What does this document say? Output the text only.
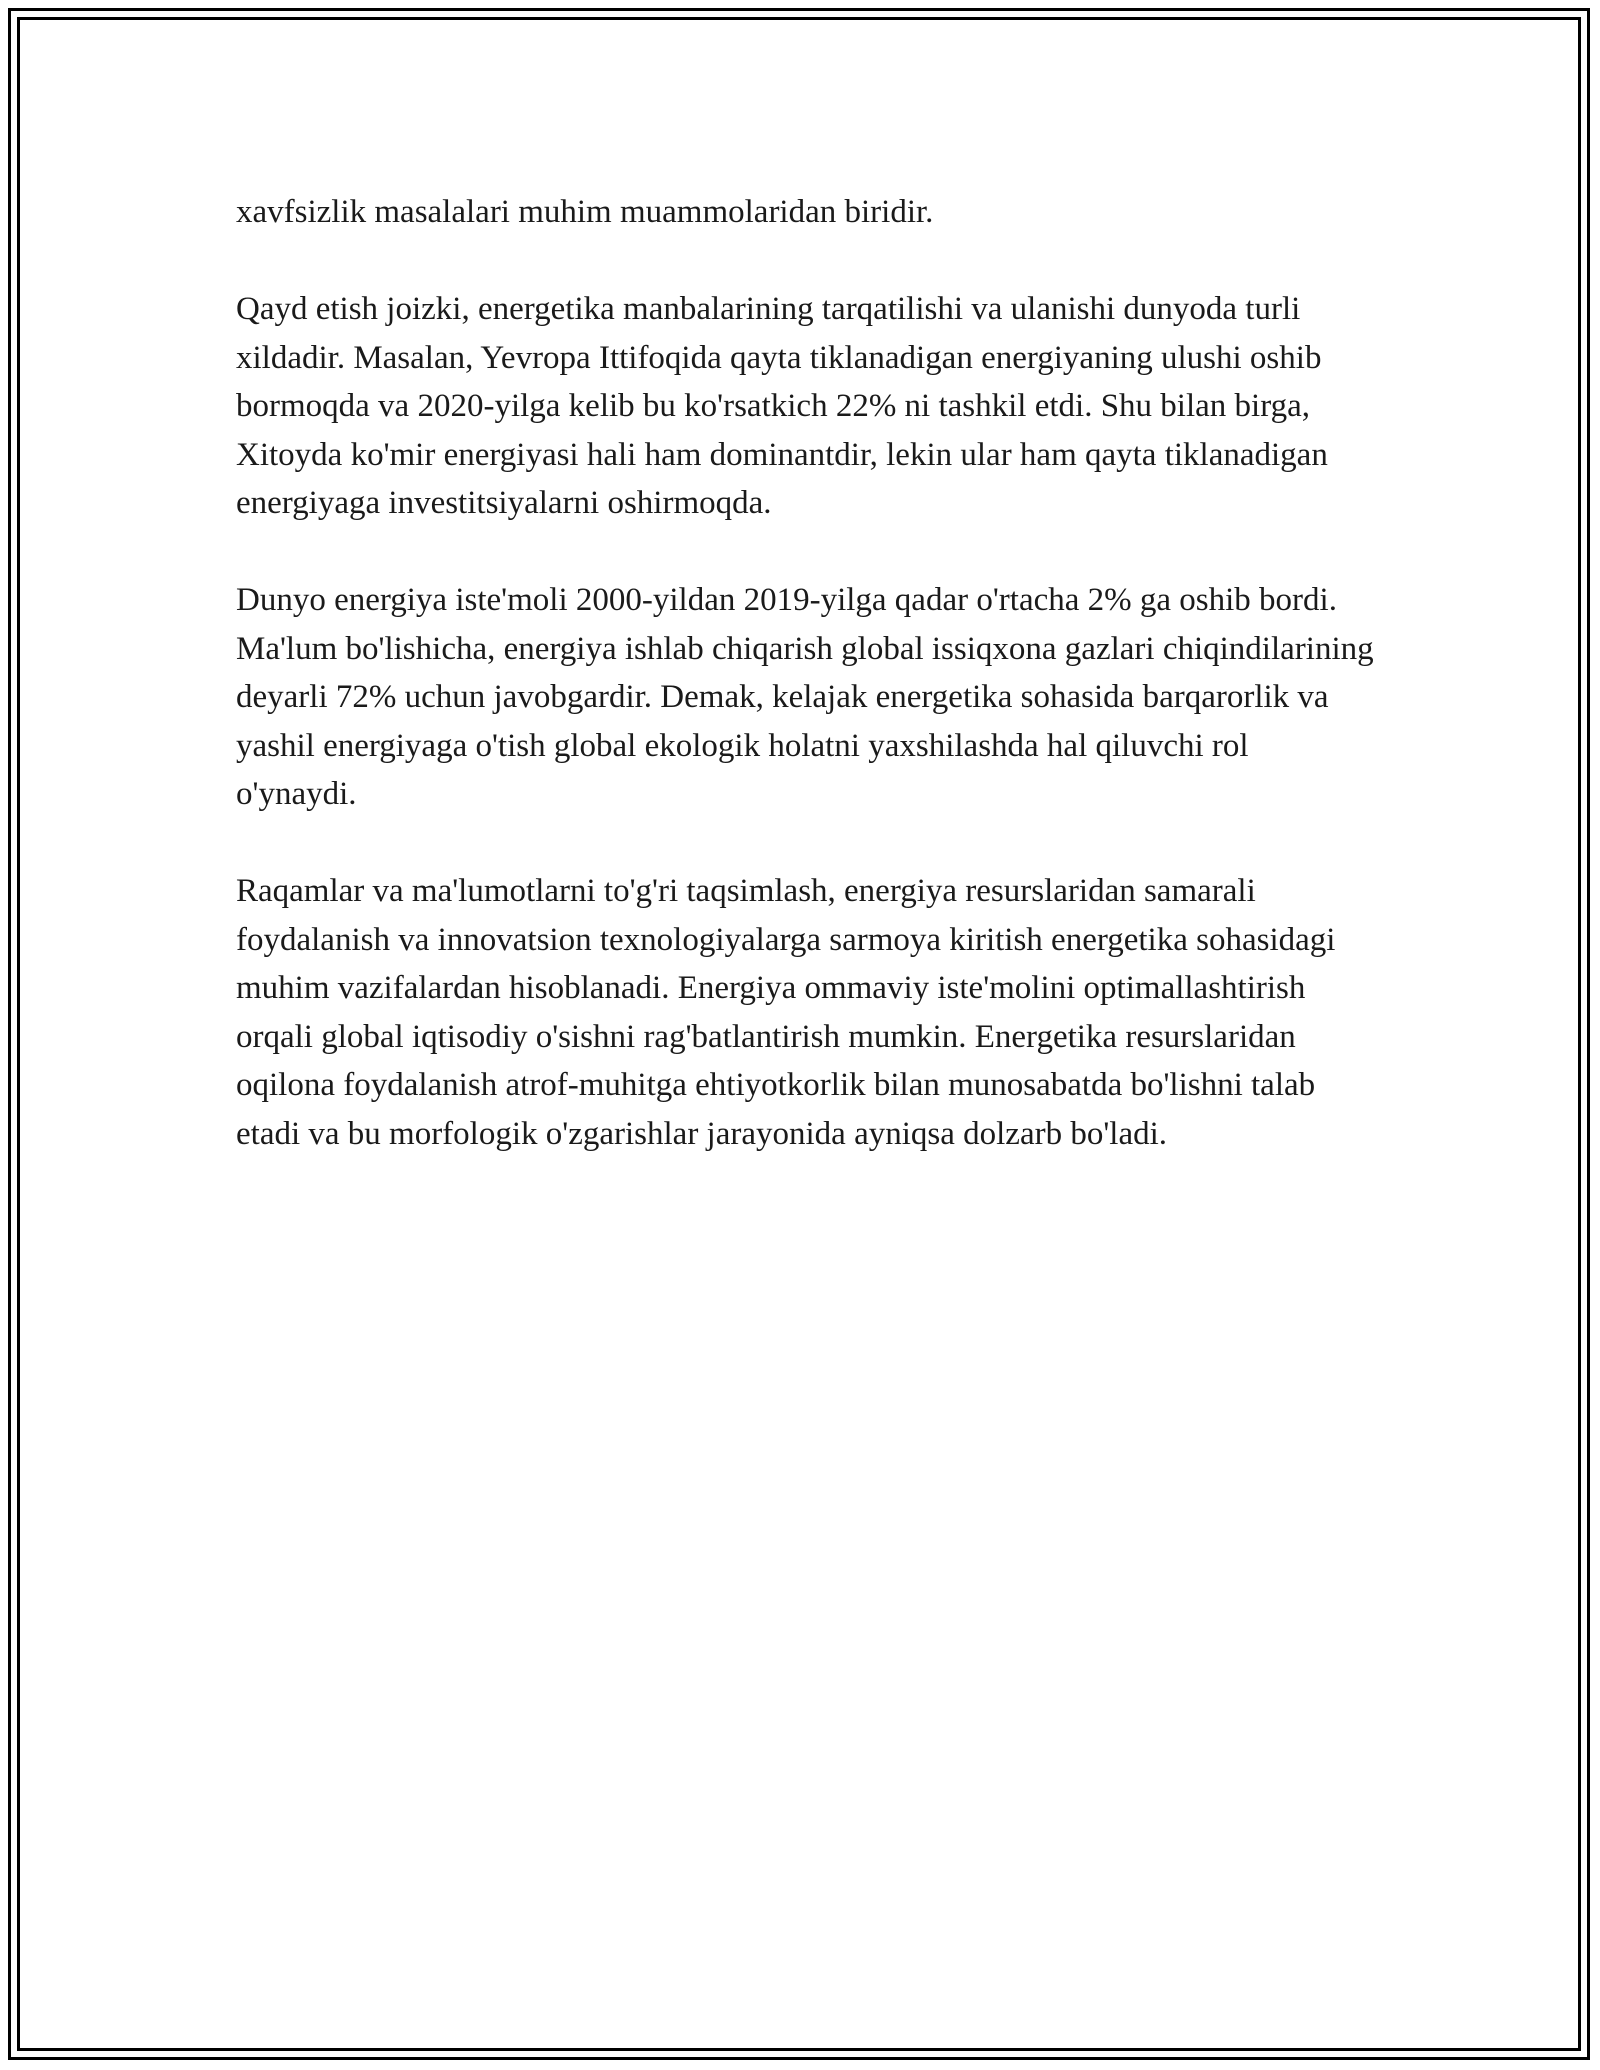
xavfsizlik masalalari muhim muammolaridan biridir.

Qayd etish joizki, energetika manbalarining tarqatilishi va ulanishi dunyoda turli xildadir. Masalan, Yevropa Ittifoqida qayta tiklanadigan energiyaning ulushi oshib bormoqda va 2020-yilga kelib bu ko'rsatkich 22% ni tashkil etdi. Shu bilan birga, Xitoyda ko'mir energiyasi hali ham dominantdir, lekin ular ham qayta tiklanadigan energiyaga investitsiyalarni oshirmoqda.

Dunyo energiya iste'moli 2000-yildan 2019-yilga qadar o'rtacha 2% ga oshib bordi. Ma'lum bo'lishicha, energiya ishlab chiqarish global issiqxona gazlari chiqindilarining deyarli 72% uchun javobgardir. Demak, kelajak energetika sohasida barqarorlik va yashil energiyaga o'tish global ekologik holatni yaxshilashda hal qiluvchi rol o'ynaydi.

Raqamlar va ma'lumotlarni to'g'ri taqsimlash, energiya resurslaridan samarali foydalanish va innovatsion texnologiyalarga sarmoya kiritish energetika sohasidagi muhim vazifalardan hisoblanadi. Energiya ommaviy iste'molini optimallashtirish orqali global iqtisodiy o'sishni rag'batlantirish mumkin. Energetika resurslaridan oqilona foydalanish atrof-muhitga ehtiyotkorlik bilan munosabatda bo'lishni talab etadi va bu morfologik o'zgarishlar jarayonida ayniqsa dolzarb bo'ladi.
